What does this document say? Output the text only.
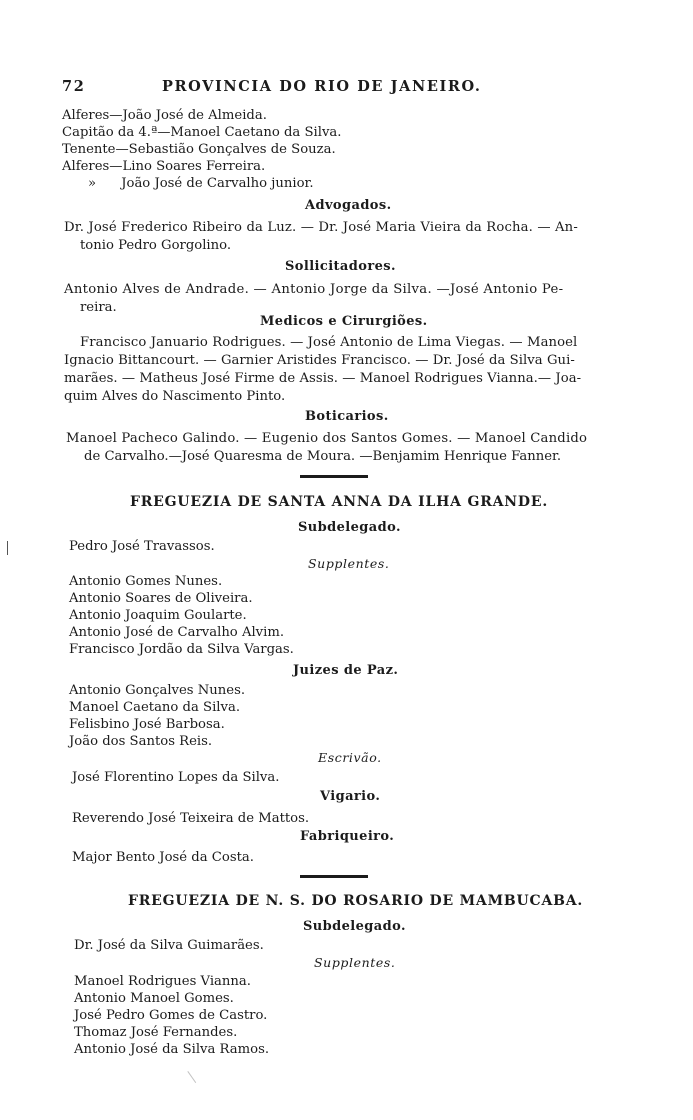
72	PROVINCIA DO RIO DE JANEIRO.
Alferes—João José de Almeida.
Capitão da 4.ª—Manoel Caetano da Silva.
Tenente—Sebastião Gonçalves de Souza.
Alferes—Lino Soares Ferreira.
»      João José de Carvalho junior.
Advogados.
Dr. José Frederico Ribeiro da Luz. — Dr. José Maria Vieira da Rocha. — An-
tonio Pedro Gorgolino.
Sollicitadores.
Antonio Alves de Andrade. — Antonio Jorge da Silva. —José Antonio Pe-
reira.
Medicos e Cirurgiões.
Francisco Januario Rodrigues. — José Antonio de Lima Viegas. — Manoel
Ignacio Bittancourt. — Garnier Aristides Francisco. — Dr. José da Silva Gui-
marães. — Matheus José Firme de Assis. — Manoel Rodrigues Vianna.— Joa-
quim Alves do Nascimento Pinto.
Boticarios.
Manoel Pacheco Galindo. — Eugenio dos Santos Gomes. — Manoel Candido
de Carvalho.—José Quaresma de Moura. —Benjamim Henrique Fanner.
FREGUEZIA DE SANTA ANNA DA ILHA GRANDE.
Subdelegado.
Pedro José Travassos.
Supplentes.
Antonio Gomes Nunes.
Antonio Soares de Oliveira.
Antonio Joaquim Goularte.
Antonio José de Carvalho Alvim.
Francisco Jordão da Silva Vargas.
Juizes de Paz.
Antonio Gonçalves Nunes.
Manoel Caetano da Silva.
Felisbino José Barbosa.
João dos Santos Reis.
Escrivão.
José Florentino Lopes da Silva.
Vigario.
Reverendo José Teixeira de Mattos.
Fabriqueiro.
Major Bento José da Costa.
FREGUEZIA DE N. S. DO ROSARIO DE MAMBUCABA.
Subdelegado.
Dr. José da Silva Guimarães.
Supplentes.
Manoel Rodrigues Vianna.
Antonio Manoel Gomes.
José Pedro Gomes de Castro.
Thomaz José Fernandes.
Antonio José da Silva Ramos.
